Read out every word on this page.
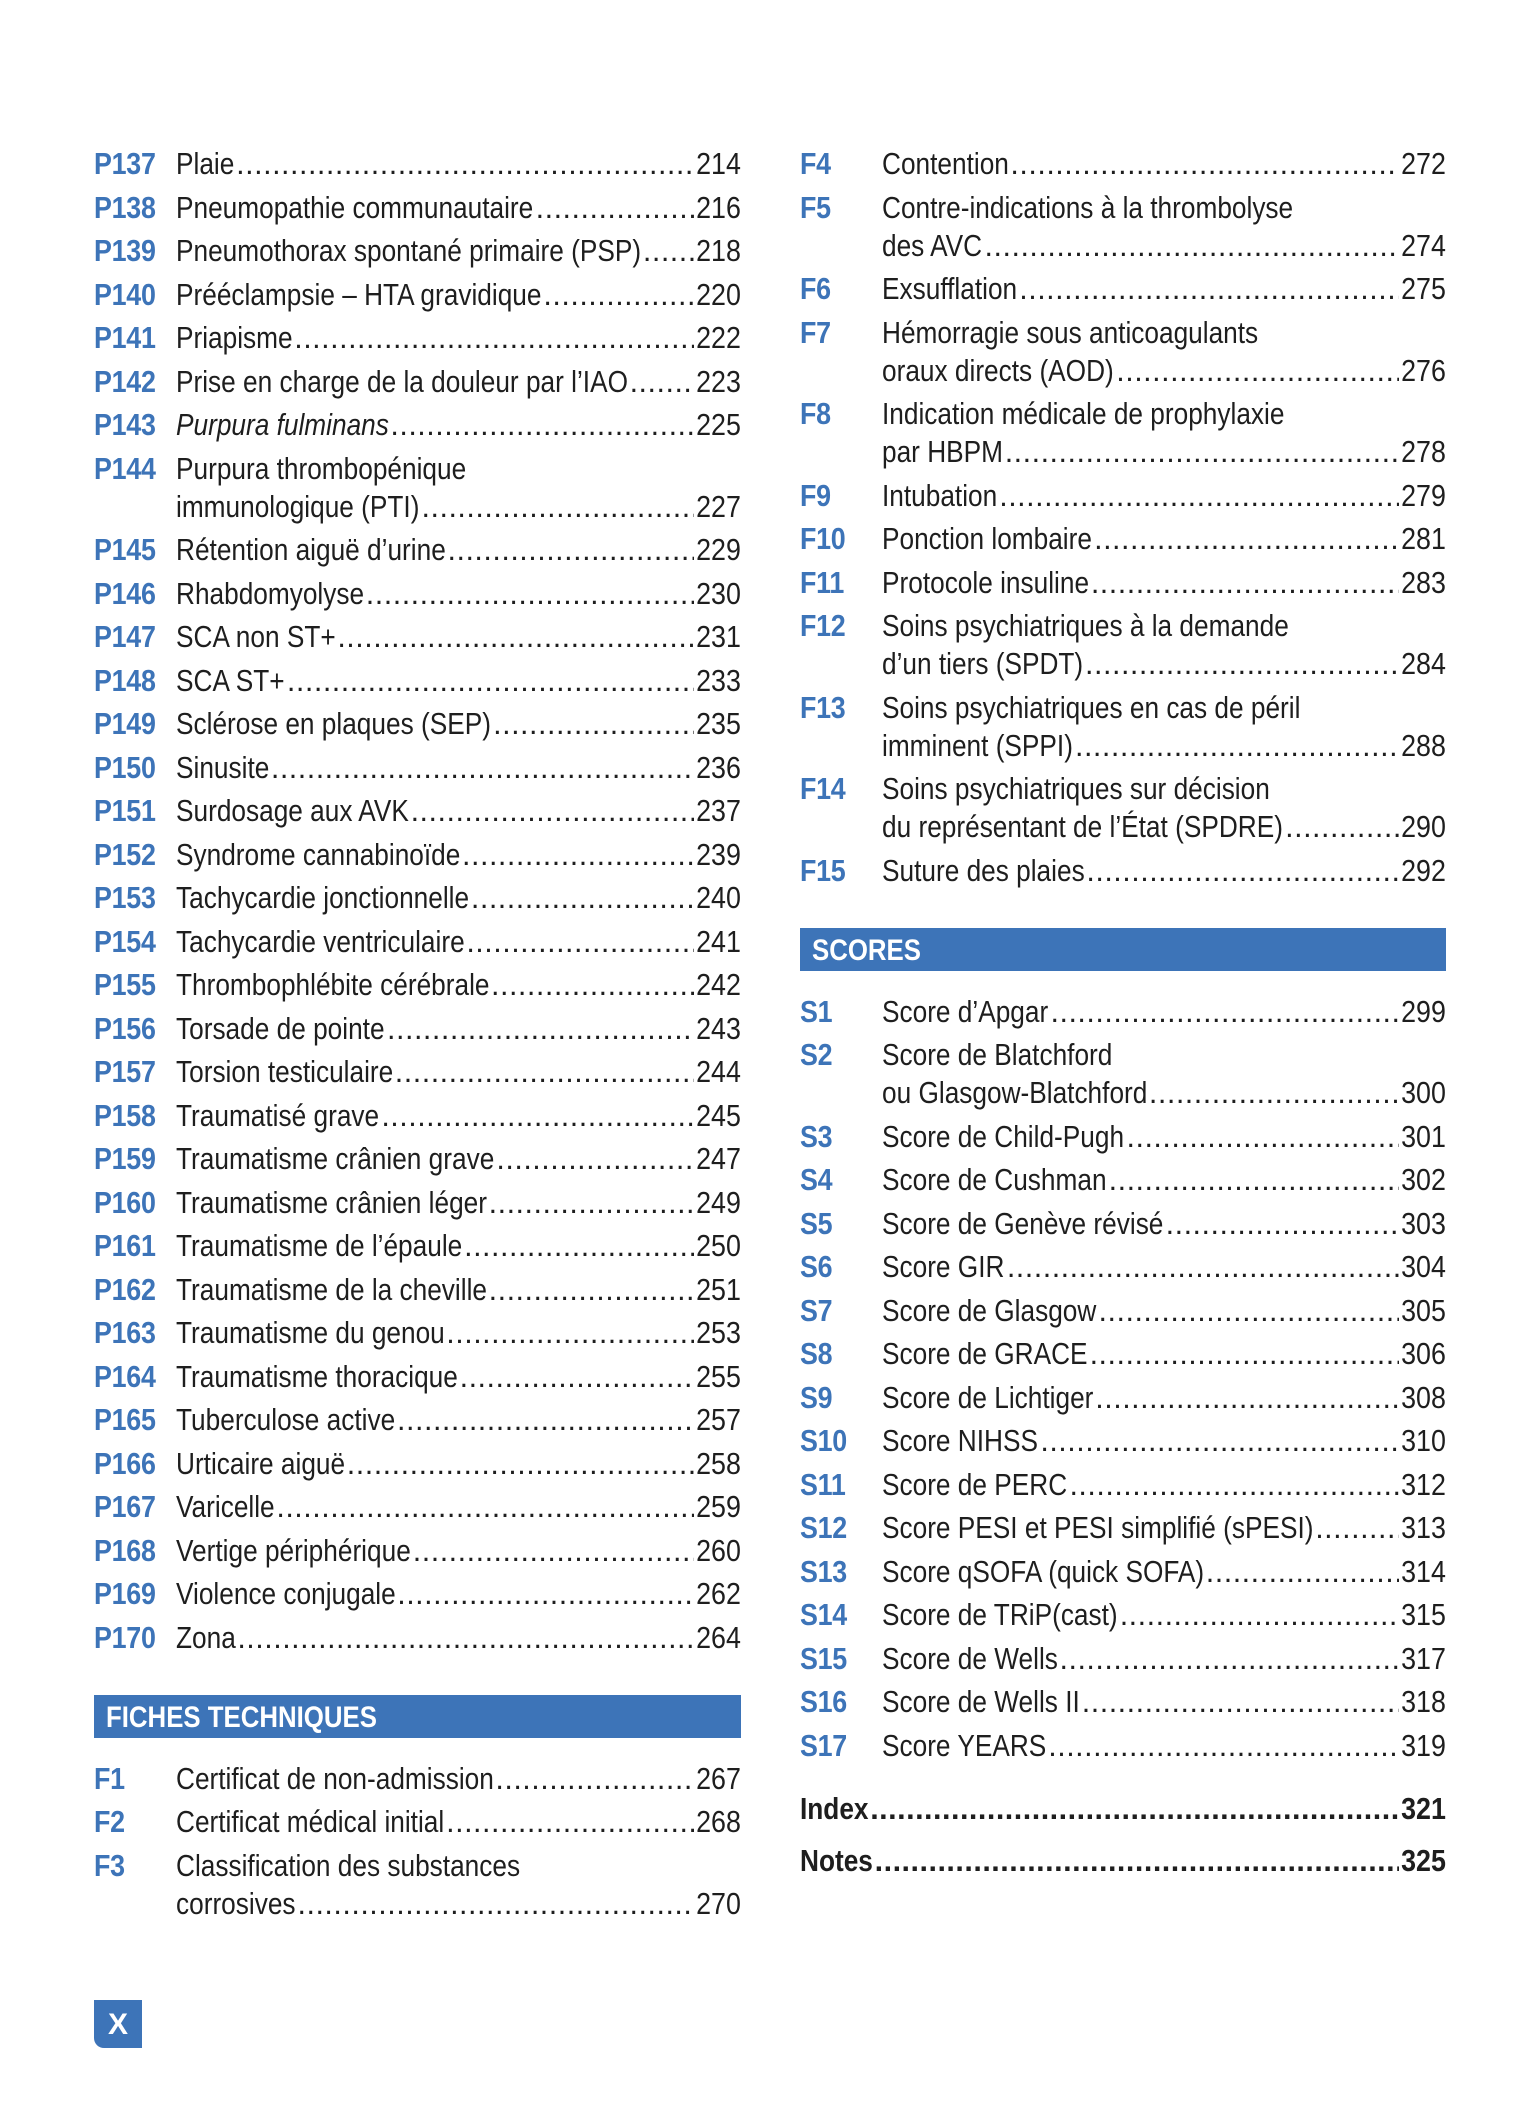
P137 Plaie .....	214
P138 Pneumopathie communautaire .....	216
P139 Pneumothorax spontané primaire (PSP) ..... 218
P140 Prééclampsie – HTA gravidique .....	220
P141 Priapisme .....	222
P142 Prise en charge de la douleur par l’IAO ..... 223
P143 Purpura fulminans .....	225
P144 Purpura thrombopénique
immunologique (PTI) .....	227
P145 Rétention aiguë d’urine .....	229
P146 Rhabdomyolyse .....	230
P147 SCA non ST+ .....	231
P148 SCA ST+ .....	233
P149 Sclérose en plaques (SEP) .....	235
P150 Sinusite .....	236
P151 Surdosage aux AVK .....	237
P152 Syndrome cannabinoïde .....	239
P153 Tachycardie jonctionnelle .....	240
P154 Tachycardie ventriculaire .....	241
P155 Thrombophlébite cérébrale .....	242
P156 Torsade de pointe .....	243
P157 Torsion testiculaire .....	244
P158 Traumatisé grave .....	245
P159 Traumatisme crânien grave .....	247
P160 Traumatisme crânien léger .....	249
P161 Traumatisme de l’épaule .....	250
P162 Traumatisme de la cheville .....	251
P163 Traumatisme du genou .....	253
P164 Traumatisme thoracique .....	255
P165 Tuberculose active .....	257
P166 Urticaire aiguë .....	258
P167 Varicelle .....	259
P168 Vertige périphérique .....	260
P169 Violence conjugale .....	262
P170 Zona .....	264
FICHES TECHNIQUES
F1	Certificat de non-admission .....	267
F2	Certificat médical initial .....	268
F3	Classification des substances
corrosives .....	270
F4	Contention .....	272
F5	Contre-indications à la thrombolyse
des AVC .....	274
F6	Exsufflation .....	275
F7	Hémorragie sous anticoagulants
oraux directs (AOD) .....	276
F8	Indication médicale de prophylaxie
par HBPM .....	278
F9	Intubation .....	279
F10	Ponction lombaire .....	281
F11	Protocole insuline .....	283
F12	Soins psychiatriques à la demande
d’un tiers (SPDT) .....	284
F13	Soins psychiatriques en cas de péril
imminent (SPPI) .....	288
F14	Soins psychiatriques sur décision
du représentant de l’État (SPDRE) .....	290
F15	Suture des plaies .....	292
SCORES
S1	Score d’Apgar .....	299
S2	Score de Blatchford
ou Glasgow-Blatchford .....	300
S3	Score de Child-Pugh .....	301
S4	Score de Cushman .....	302
S5	Score de Genève révisé .....	303
S6	Score GIR .....	304
S7	Score de Glasgow .....	305
S8	Score de GRACE .....	306
S9	Score de Lichtiger .....	308
S10	Score NIHSS .....	310
S11	Score de PERC .....	312
S12	Score PESI et PESI simplifié (sPESI) .....	313
S13	Score qSOFA (quick SOFA) .....	314
S14	Score de TRiP(cast) .....	315
S15	Score de Wells .....	317
S16	Score de Wells II .....	318
S17	Score YEARS .....	319
Index .....	321
Notes .....	325
X
